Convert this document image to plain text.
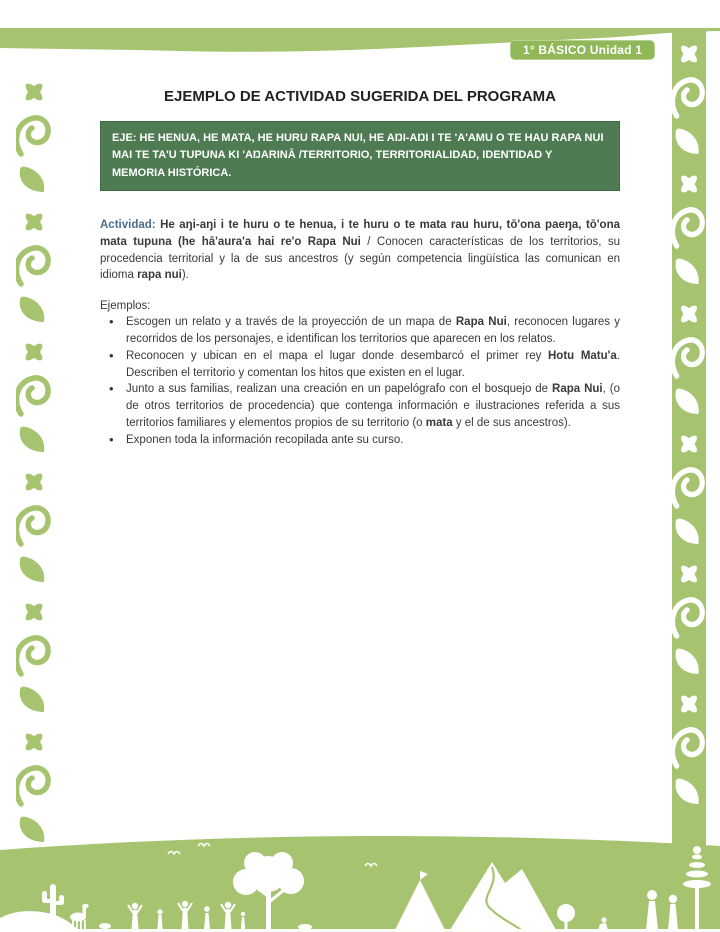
1° BÁSICO Unidad 1
EJEMPLO DE ACTIVIDAD SUGERIDA DEL PROGRAMA
EJE: HE HENUA, HE MATA, HE HURU RAPA NUI, HE AŊI-AŊI I TE 'A'AMU O TE HAU RAPA NUI MAI TE TA'U TUPUNA KI 'AŊARINĀ /TERRITORIO, TERRITORIALIDAD, IDENTIDAD Y MEMORIA HISTÓRICA.

Actividad: He aŋi-aŋi i te huru o te henua, i te huru o te mata rau huru, tō'ona paeŋa, tō'ona mata tupuna (he hā'aura'a hai re'o Rapa Nui / Conocen características de los territorios, su procedencia territorial y la de sus ancestros (y según competencia lingüística las comunican en idioma rapa nui).

Ejemplos:

• Escogen un relato y a través de la proyección de un mapa de Rapa Nui, reconocen lugares y recorridos de los personajes, e identifican los territorios que aparecen en los relatos.
• Reconocen y ubican en el mapa el lugar donde desembarcó el primer rey Hotu Matu'a. Describen el territorio y comentan los hitos que existen en el lugar.
• Junto a sus familias, realizan una creación en un papelógrafo con el bosquejo de Rapa Nui, (o de otros territorios de procedencia) que contenga información e ilustraciones referida a sus territorios familiares y elementos propios de su territorio (o mata y el de sus ancestros).
• Exponen toda la información recopilada ante su curso.
